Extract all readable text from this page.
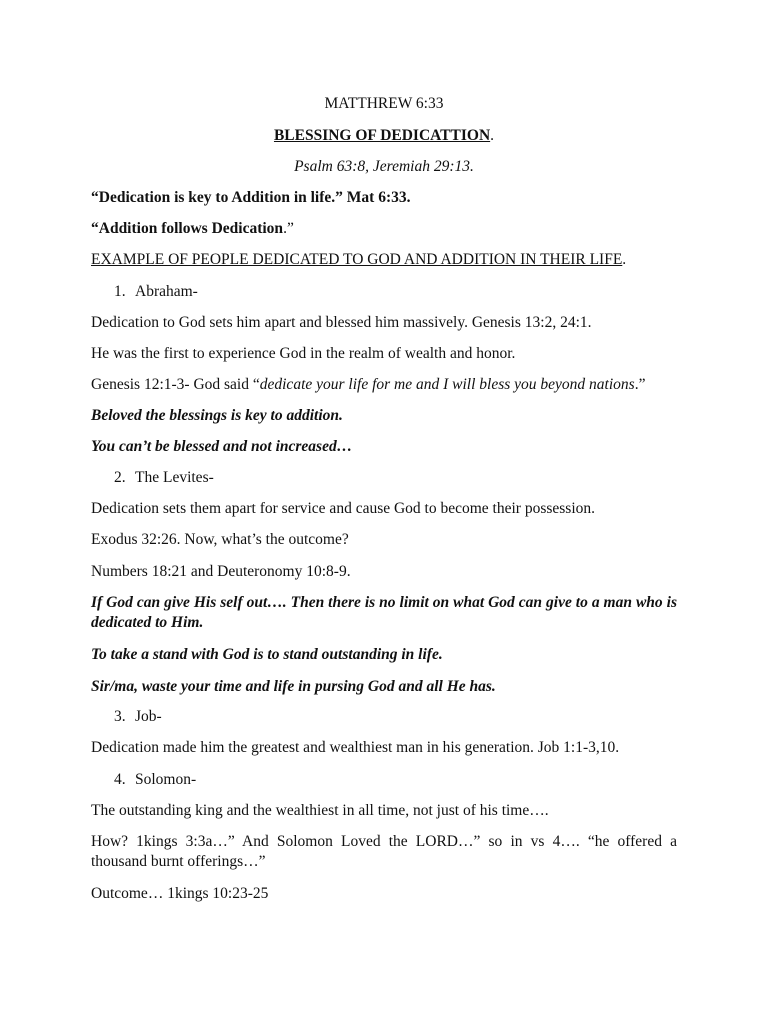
MATTHREW 6:33

BLESSING OF DEDICATTION.

Psalm 63:8, Jeremiah 29:13.

“Dedication is key to Addition in life.” Mat 6:33.

“Addition follows Dedication.”

EXAMPLE OF PEOPLE DEDICATED TO GOD AND ADDITION IN THEIR LIFE.

1. Abraham-

Dedication to God sets him apart and blessed him massively. Genesis 13:2, 24:1.

He was the first to experience God in the realm of wealth and honor.

Genesis 12:1-3- God said “dedicate your life for me and I will bless you beyond nations.”

Beloved the blessings is key to addition.

You can’t be blessed and not increased…

2. The Levites-

Dedication sets them apart for service and cause God to become their possession.

Exodus 32:26. Now, what’s the outcome?

Numbers 18:21 and Deuteronomy 10:8-9.

If God can give His self out…. Then there is no limit on what God can give to a man who is dedicated to Him.

To take a stand with God is to stand outstanding in life.

Sir/ma, waste your time and life in pursing God and all He has.

3. Job-

Dedication made him the greatest and wealthiest man in his generation. Job 1:1-3,10.

4. Solomon-

The outstanding king and the wealthiest in all time, not just of his time….

How? 1kings 3:3a…” And Solomon Loved the LORD…” so in vs 4…. “he offered a thousand burnt offerings…”

Outcome… 1kings 10:23-25
